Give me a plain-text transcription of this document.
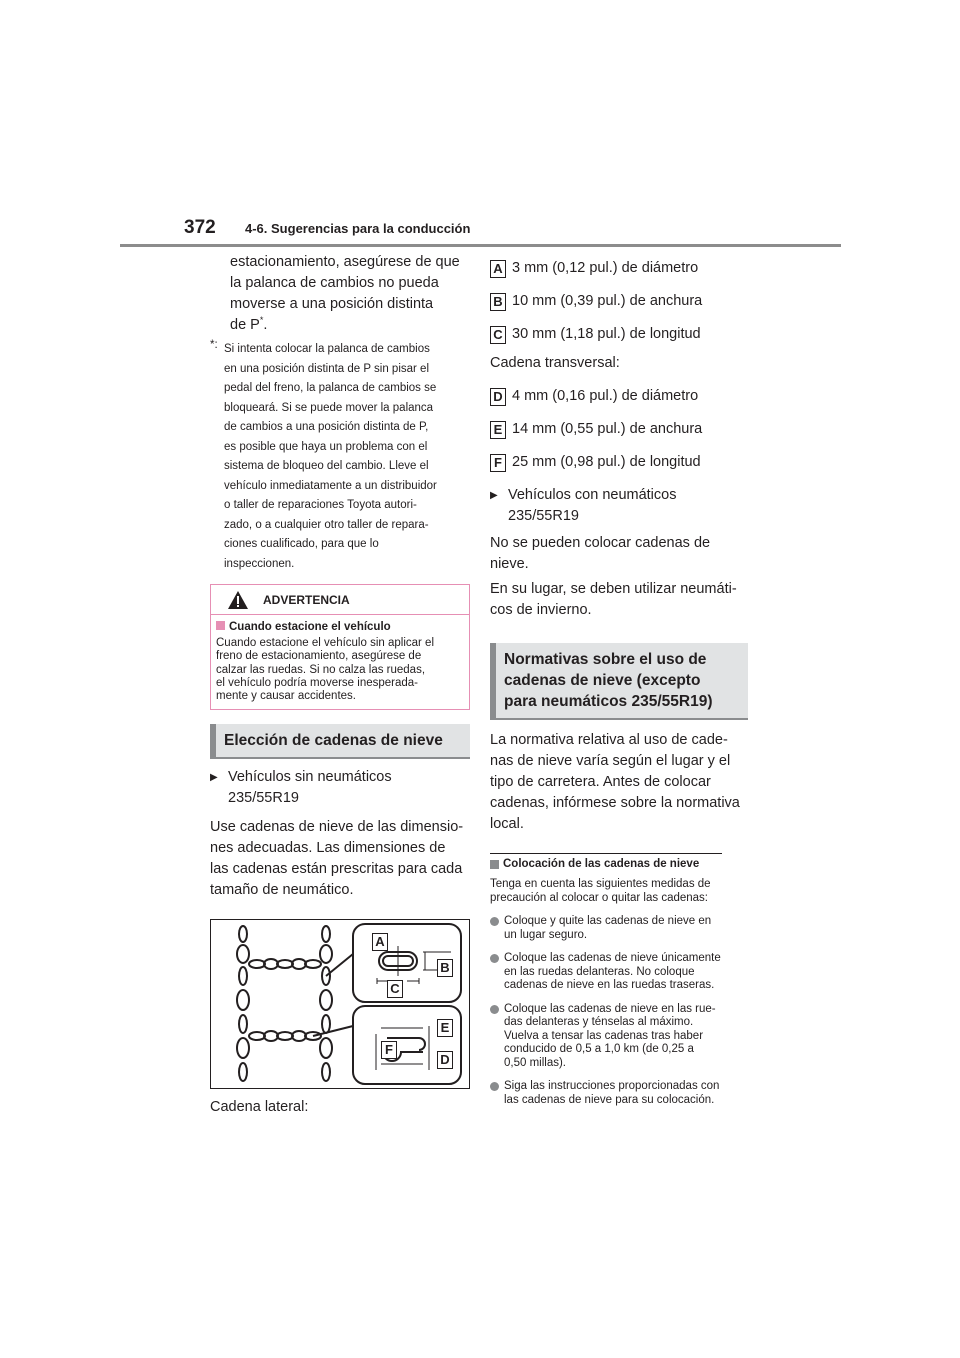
372 4-6. Sugerencias para la conducción
estacionamiento, asegúrese de que
la palanca de cambios no pueda
moverse a una posición distinta
de P*.
*: Si intenta colocar la palanca de cambios
en una posición distinta de P sin pisar el
pedal del freno, la palanca de cambios se
bloqueará. Si se puede mover la palanca
de cambios a una posición distinta de P,
es posible que haya un problema con el
sistema de bloqueo del cambio. Lleve el
vehículo inmediatamente a un distribuidor
o taller de reparaciones Toyota autori-
zado, o a cualquier otro taller de repara-
ciones cualificado, para que lo
inspeccionen.
ADVERTENCIA
Cuando estacione el vehículo
Cuando estacione el vehículo sin aplicar el
freno de estacionamiento, asegúrese de
calzar las ruedas. Si no calza las ruedas,
el vehículo podría moverse inesperada-
mente y causar accidentes.
Elección de cadenas de nieve
▶ Vehículos sin neumáticos
235/55R19
Use cadenas de nieve de las dimensio-
nes adecuadas. Las dimensiones de
las cadenas están prescritas para cada
tamaño de neumático.
A
B
C
E
F
D
Cadena lateral:
A 3 mm (0,12 pul.) de diámetro
B 10 mm (0,39 pul.) de anchura
C 30 mm (1,18 pul.) de longitud
Cadena transversal:
D 4 mm (0,16 pul.) de diámetro
E 14 mm (0,55 pul.) de anchura
F 25 mm (0,98 pul.) de longitud
▶ Vehículos con neumáticos
235/55R19
No se pueden colocar cadenas de
nieve.
En su lugar, se deben utilizar neumáti-
cos de invierno.
Normativas sobre el uso de
cadenas de nieve (excepto
para neumáticos 235/55R19)
La normativa relativa al uso de cade-
nas de nieve varía según el lugar y el
tipo de carretera. Antes de colocar
cadenas, infórmese sobre la normativa
local.
Colocación de las cadenas de nieve
Tenga en cuenta las siguientes medidas de
precaución al colocar o quitar las cadenas:
Coloque y quite las cadenas de nieve en
un lugar seguro.
Coloque las cadenas de nieve únicamente
en las ruedas delanteras. No coloque
cadenas de nieve en las ruedas traseras.
Coloque las cadenas de nieve en las rue-
das delanteras y ténselas al máximo.
Vuelva a tensar las cadenas tras haber
conducido de 0,5 a 1,0 km (de 0,25 a
0,50 millas).
Siga las instrucciones proporcionadas con
las cadenas de nieve para su colocación.
